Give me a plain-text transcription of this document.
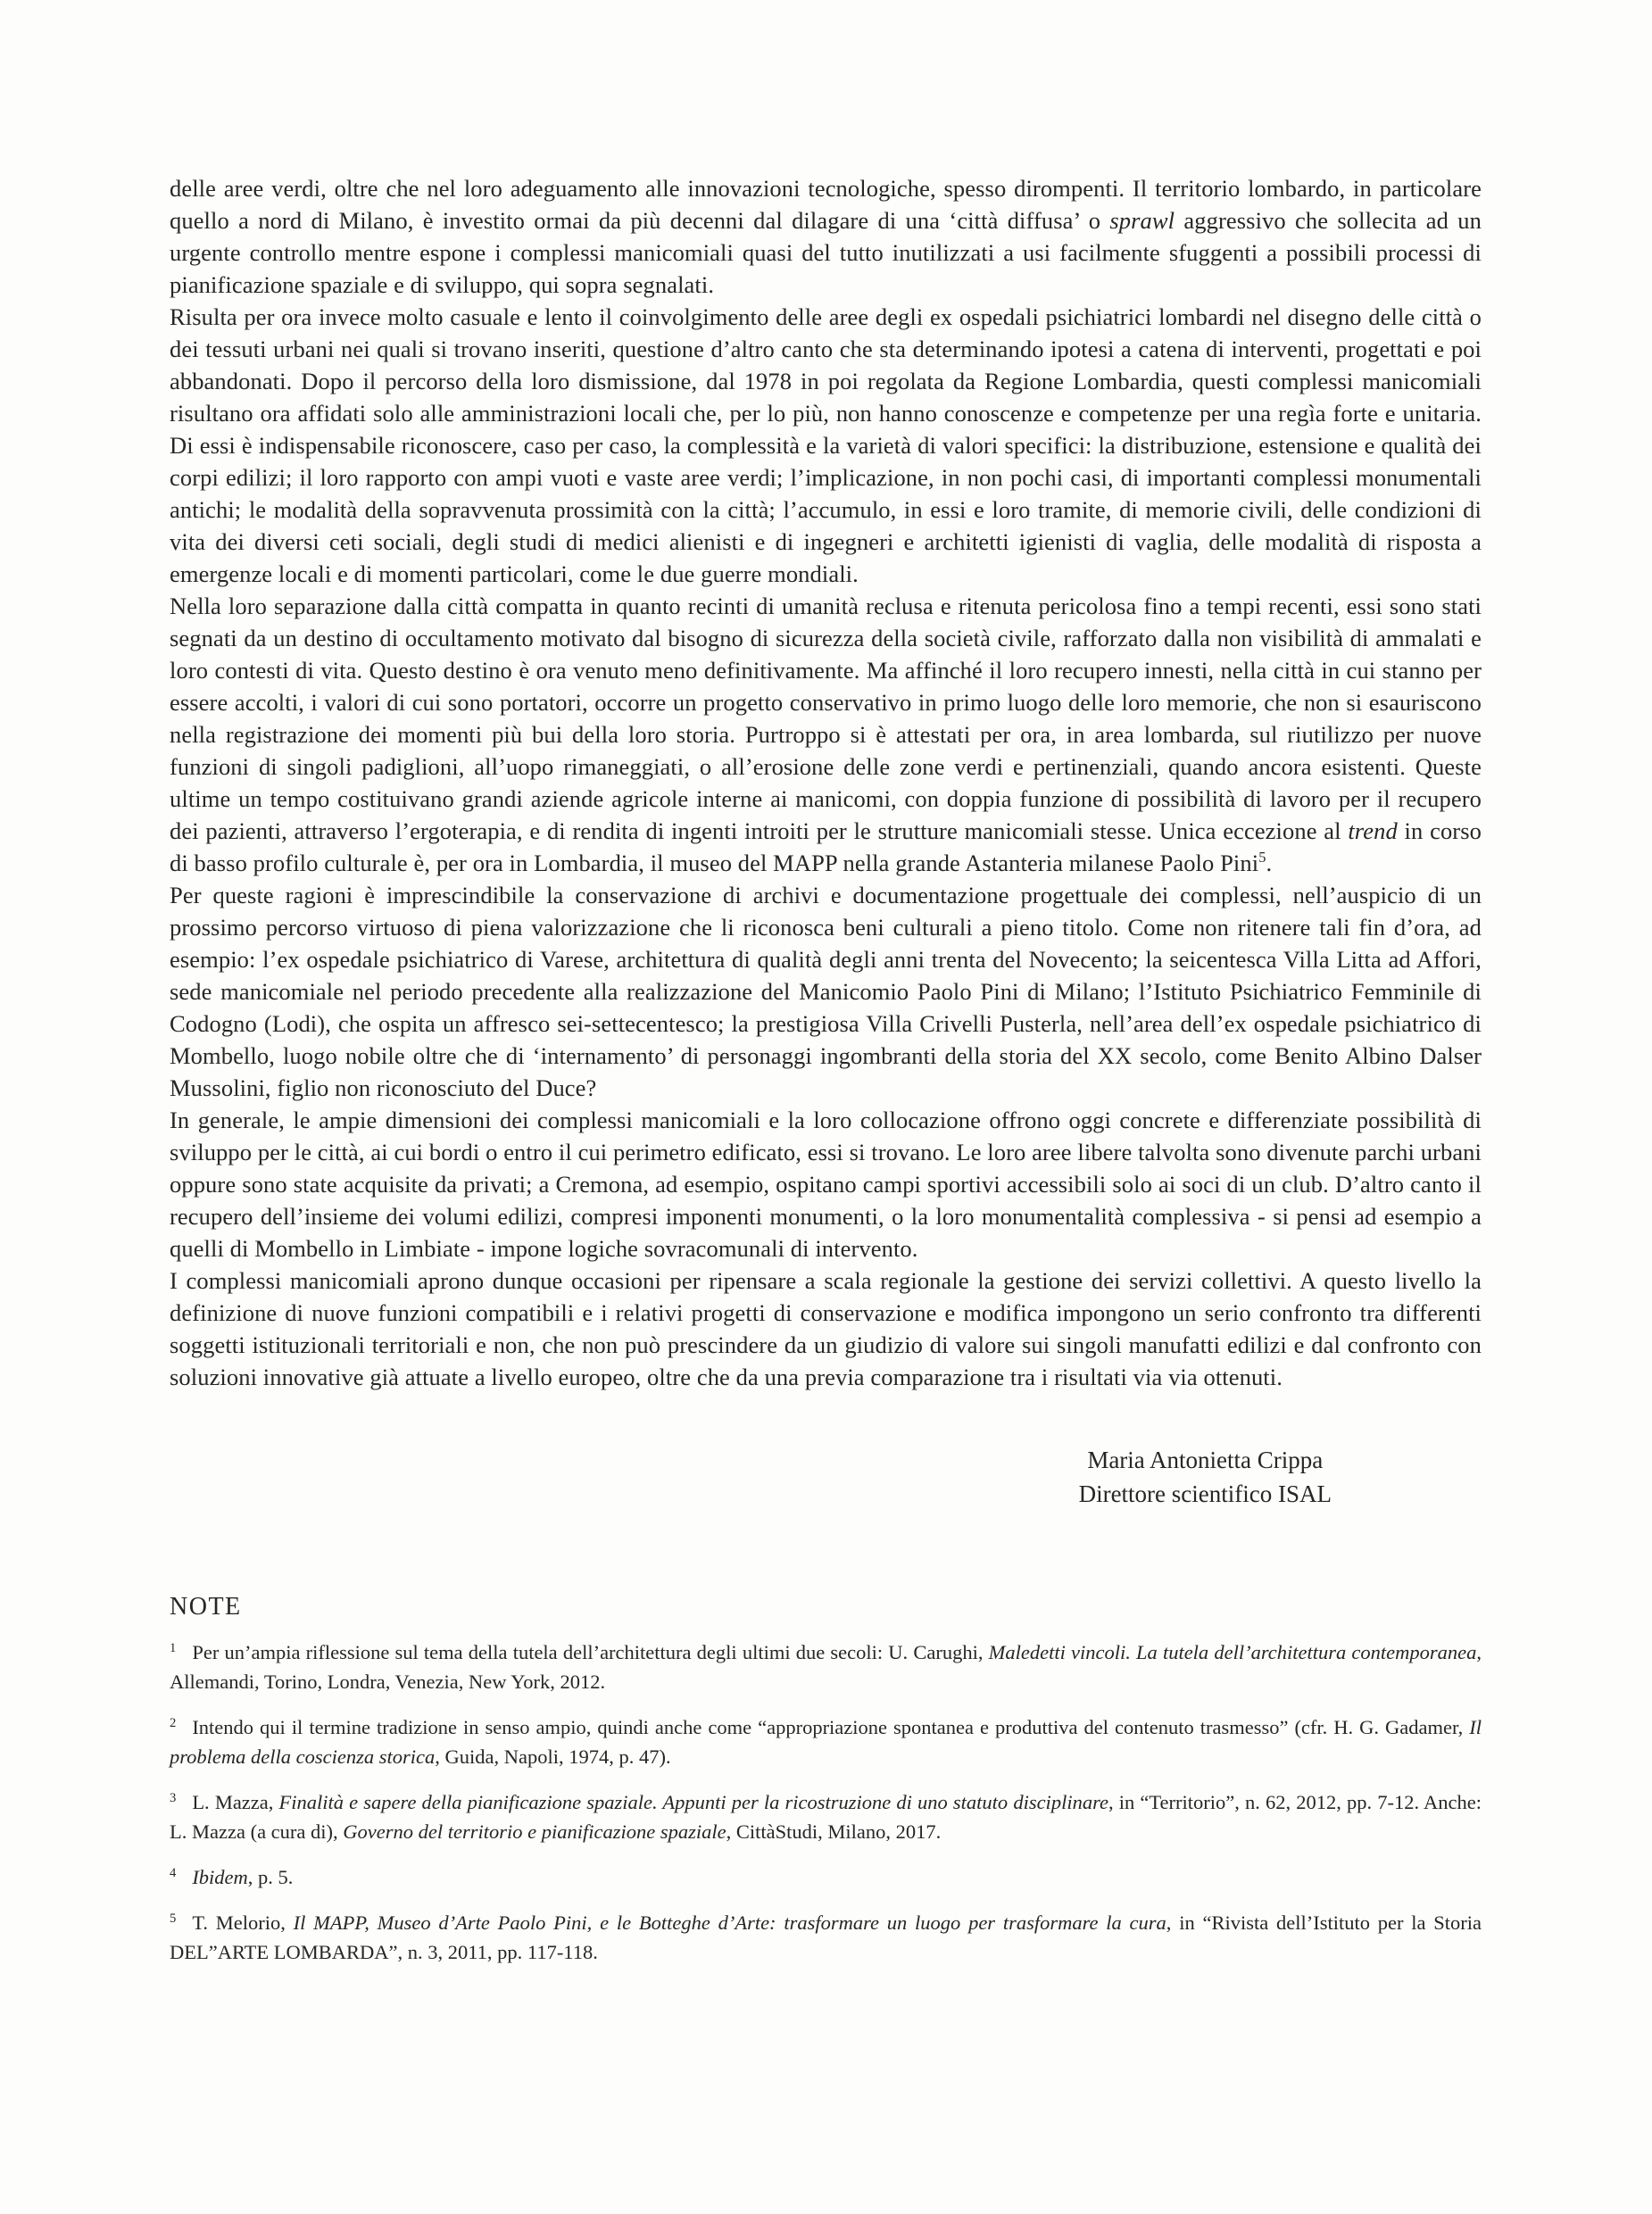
delle aree verdi, oltre che nel loro adeguamento alle innovazioni tecnologiche, spesso dirompenti. Il territorio lombardo, in particolare quello a nord di Milano, è investito ormai da più decenni dal dilagare di una ‘città diffusa’ o sprawl aggressivo che sollecita ad un urgente controllo mentre espone i complessi manicomiali quasi del tutto inutilizzati a usi facilmente sfuggenti a possibili processi di pianificazione spaziale e di sviluppo, qui sopra segnalati.

Risulta per ora invece molto casuale e lento il coinvolgimento delle aree degli ex ospedali psichiatrici lombardi nel disegno delle città o dei tessuti urbani nei quali si trovano inseriti, questione d’altro canto che sta determinando ipotesi a catena di interventi, progettati e poi abbandonati. Dopo il percorso della loro dismissione, dal 1978 in poi regolata da Regione Lombardia, questi complessi manicomiali risultano ora affidati solo alle amministrazioni locali che, per lo più, non hanno conoscenze e competenze per una regìa forte e unitaria. Di essi è indispensabile riconoscere, caso per caso, la complessità e la varietà di valori specifici: la distribuzione, estensione e qualità dei corpi edilizi; il loro rapporto con ampi vuoti e vaste aree verdi; l’implicazione, in non pochi casi, di importanti complessi monumentali antichi; le modalità della sopravvenuta prossimità con la città; l’accumulo, in essi e loro tramite, di memorie civili, delle condizioni di vita dei diversi ceti sociali, degli studi di medici alienisti e di ingegneri e architetti igienisti di vaglia, delle modalità di risposta a emergenze locali e di momenti particolari, come le due guerre mondiali.

Nella loro separazione dalla città compatta in quanto recinti di umanità reclusa e ritenuta pericolosa fino a tempi recenti, essi sono stati segnati da un destino di occultamento motivato dal bisogno di sicurezza della società civile, rafforzato dalla non visibilità di ammalati e loro contesti di vita. Questo destino è ora venuto meno definitivamente. Ma affinché il loro recupero innesti, nella città in cui stanno per essere accolti, i valori di cui sono portatori, occorre un progetto conservativo in primo luogo delle loro memorie, che non si esauriscono nella registrazione dei momenti più bui della loro storia. Purtroppo si è attestati per ora, in area lombarda, sul riutilizzo per nuove funzioni di singoli padiglioni, all’uopo rimaneggiati, o all’erosione delle zone verdi e pertinenziali, quando ancora esistenti. Queste ultime un tempo costituivano grandi aziende agricole interne ai manicomi, con doppia funzione di possibilità di lavoro per il recupero dei pazienti, attraverso l’ergoterapia, e di rendita di ingenti introiti per le strutture manicomiali stesse. Unica eccezione al trend in corso di basso profilo culturale è, per ora in Lombardia, il museo del MAPP nella grande Astanteria milanese Paolo Pini$^5$.

Per queste ragioni è imprescindibile la conservazione di archivi e documentazione progettuale dei complessi, nell’auspicio di un prossimo percorso virtuoso di piena valorizzazione che li riconosca beni culturali a pieno titolo. Come non ritenere tali fin d’ora, ad esempio: l’ex ospedale psichiatrico di Varese, architettura di qualità degli anni trenta del Novecento; la seicentesca Villa Litta ad Affori, sede manicomiale nel periodo precedente alla realizzazione del Manicomio Paolo Pini di Milano; l’Istituto Psichiatrico Femminile di Codogno (Lodi), che ospita un affresco sei-settecentesco; la prestigiosa Villa Crivelli Pusterla, nell’area dell’ex ospedale psichiatrico di Mombello, luogo nobile oltre che di ‘internamento’ di personaggi ingombranti della storia del XX secolo, come Benito Albino Dalser Mussolini, figlio non riconosciuto del Duce?

In generale, le ampie dimensioni dei complessi manicomiali e la loro collocazione offrono oggi concrete e differenziate possibilità di sviluppo per le città, ai cui bordi o entro il cui perimetro edificato, essi si trovano. Le loro aree libere talvolta sono divenute parchi urbani oppure sono state acquisite da privati; a Cremona, ad esempio, ospitano campi sportivi accessibili solo ai soci di un club. D’altro canto il recupero dell’insieme dei volumi edilizi, compresi imponenti monumenti, o la loro monumentalità complessiva - si pensi ad esempio a quelli di Mombello in Limbiate - impone logiche sovracomunali di intervento.

I complessi manicomiali aprono dunque occasioni per ripensare a scala regionale la gestione dei servizi collettivi. A questo livello la definizione di nuove funzioni compatibili e i relativi progetti di conservazione e modifica impongono un serio confronto tra differenti soggetti istituzionali territoriali e non, che non può prescindere da un giudizio di valore sui singoli manufatti edilizi e dal confronto con soluzioni innovative già attuate a livello europeo, oltre che da una previa comparazione tra i risultati via via ottenuti.

Maria Antonietta Crippa
Direttore scientifico ISAL
NOTE

$^1$ Per un’ampia riflessione sul tema della tutela dell’architettura degli ultimi due secoli: U. Carughi, Maledetti vincoli. La tutela dell’architettura contemporanea, Allemandi, Torino, Londra, Venezia, New York, 2012.

$^2$ Intendo qui il termine tradizione in senso ampio, quindi anche come “appropriazione spontanea e produttiva del contenuto trasmesso” (cfr. H. G. Gadamer, Il problema della coscienza storica, Guida, Napoli, 1974, p. 47).

$^3$ L. Mazza, Finalità e sapere della pianificazione spaziale. Appunti per la ricostruzione di uno statuto disciplinare, in “Territorio”, n. 62, 2012, pp. 7-12. Anche: L. Mazza (a cura di), Governo del territorio e pianificazione spaziale, CittàStudi, Milano, 2017.

$^4$ Ibidem, p. 5.

$^5$ T. Melorio, Il MAPP, Museo d’Arte Paolo Pini, e le Botteghe d’Arte: trasformare un luogo per trasformare la cura, in “Rivista dell’Istituto per la Storia DEL”ARTE LOMBARDA”, n. 3, 2011, pp. 117-118.
